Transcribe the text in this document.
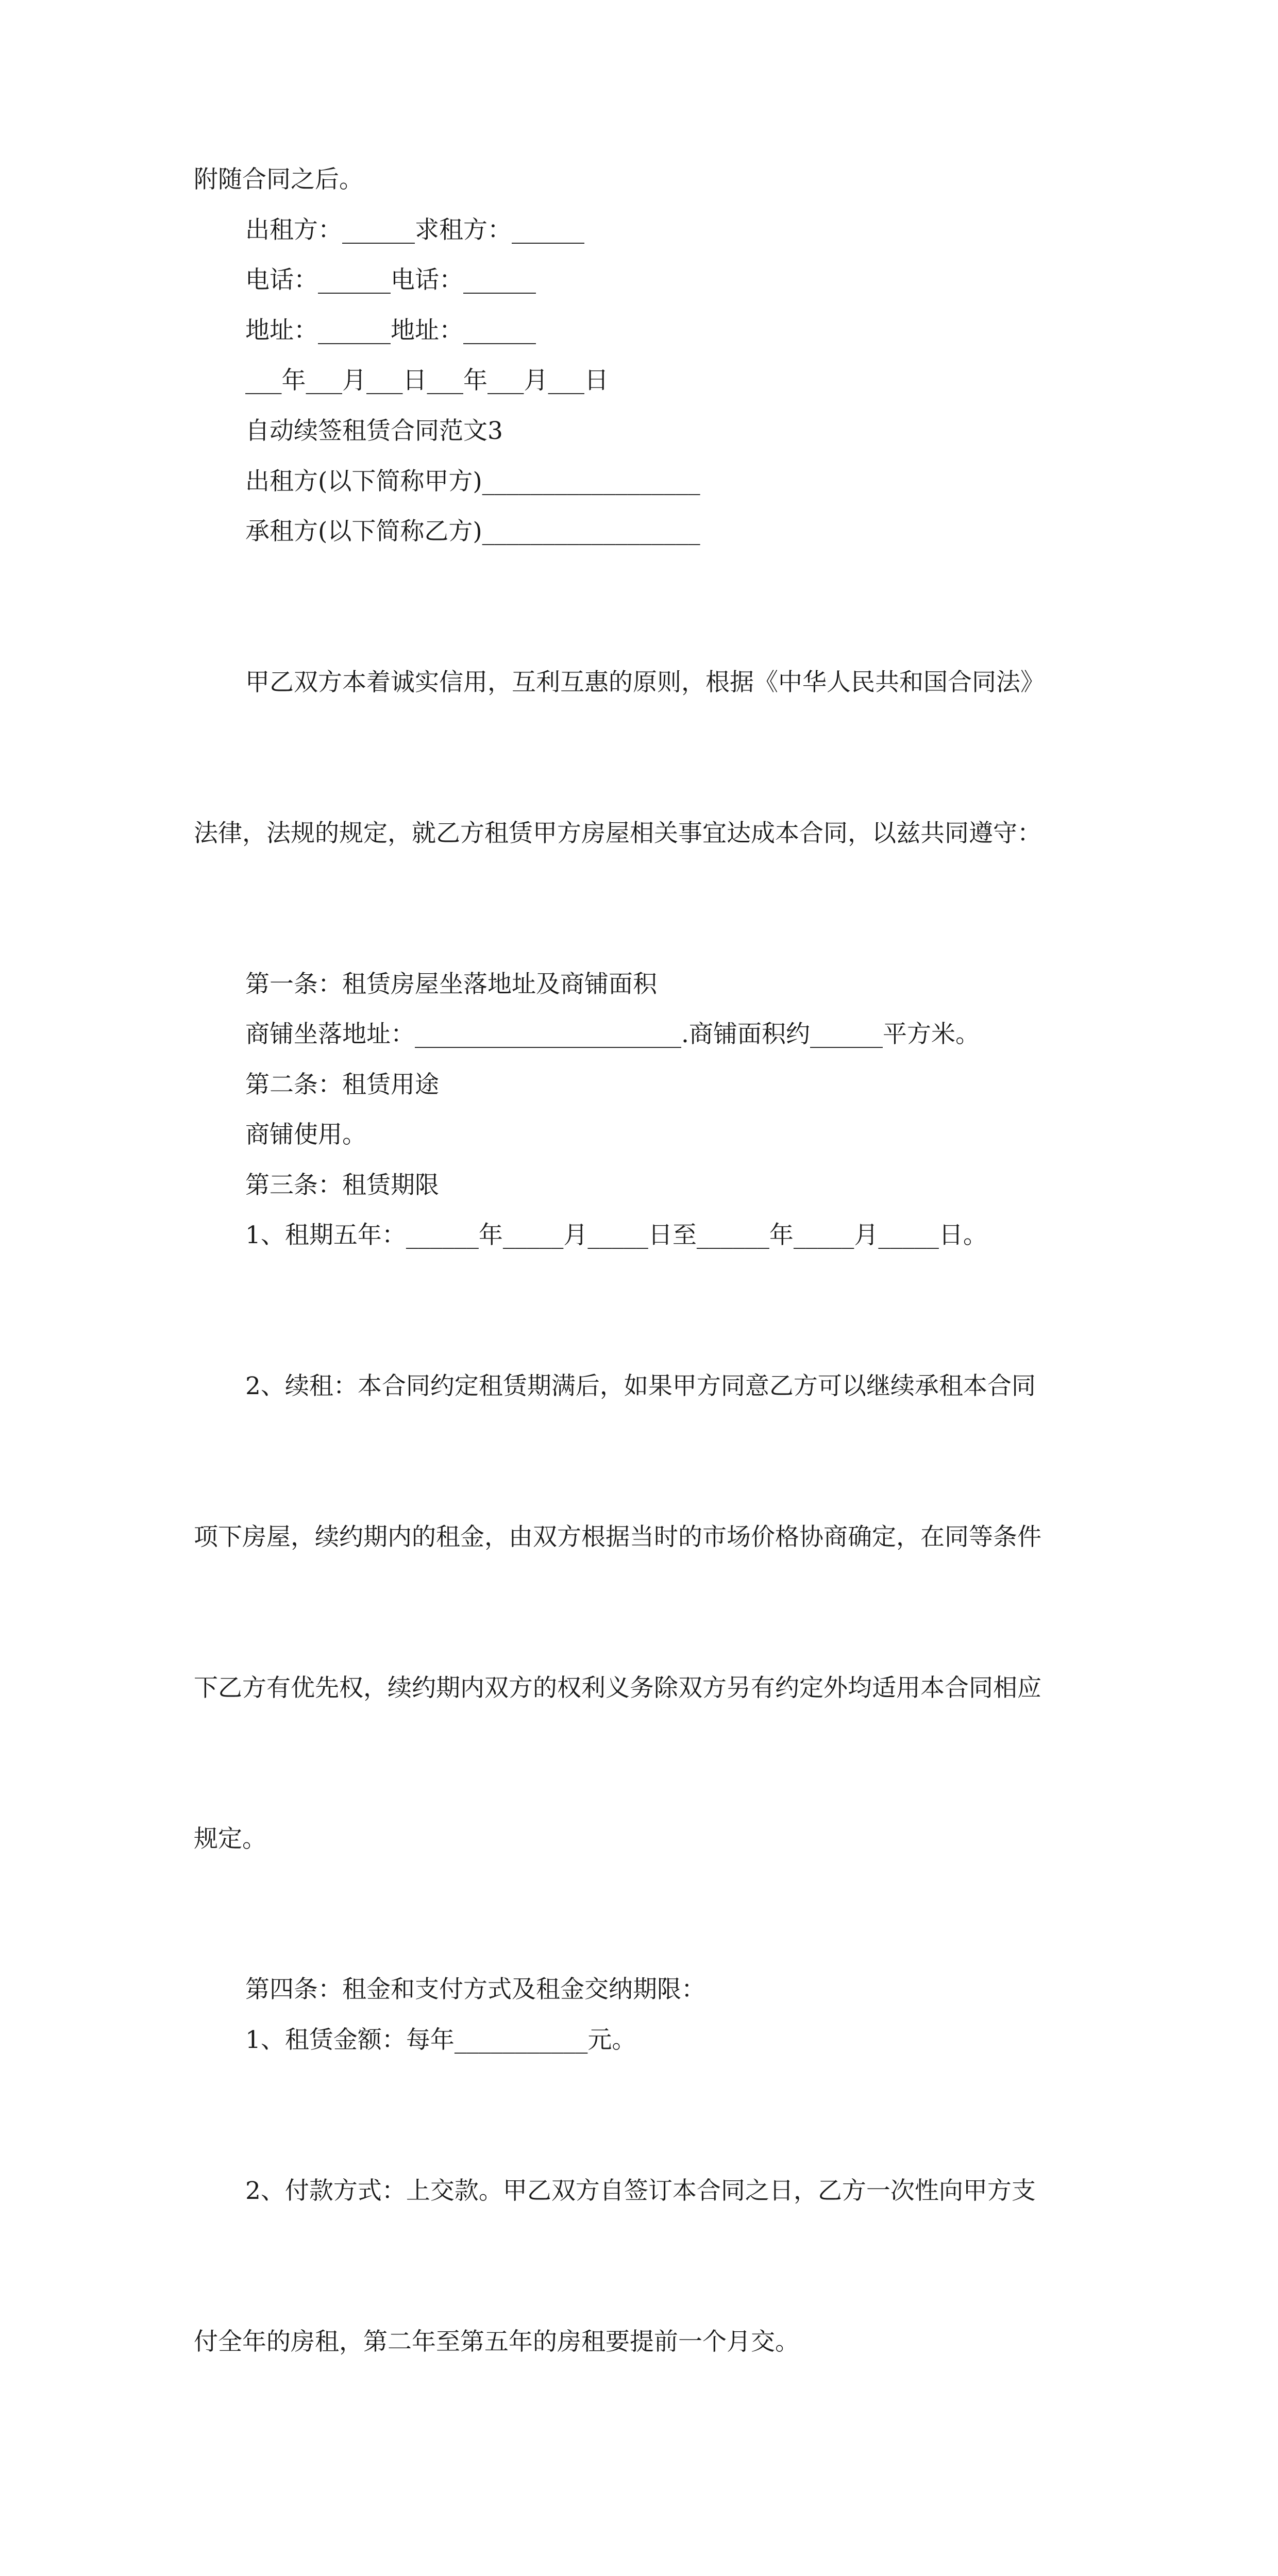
附随合同之后。
出租方：______求租方：______
电话：______电话：______
地址：______地址：______
___年___月___日___年___月___日
自动续签租赁合同范文3
出租方(以下简称甲方)__________________
承租方(以下简称乙方)__________________

甲乙双方本着诚实信用，互利互惠的原则，根据《中华人民共和国合同法》

法律，法规的规定，就乙方租赁甲方房屋相关事宜达成本合同，以兹共同遵守：

第一条：租赁房屋坐落地址及商铺面积
商铺坐落地址：______________________.商铺面积约______平方米。
第二条：租赁用途
商铺使用。
第三条：租赁期限
1、租期五年：______年_____月_____日至______年_____月_____日。

2、续租：本合同约定租赁期满后，如果甲方同意乙方可以继续承租本合同

项下房屋，续约期内的租金，由双方根据当时的市场价格协商确定，在同等条件

下乙方有优先权，续约期内双方的权利义务除双方另有约定外均适用本合同相应

规定。

第四条：租金和支付方式及租金交纳期限：
1、租赁金额：每年___________元。

2、付款方式：上交款。甲乙双方自签订本合同之日，乙方一次性向甲方支

付全年的房租，第二年至第五年的房租要提前一个月交。
